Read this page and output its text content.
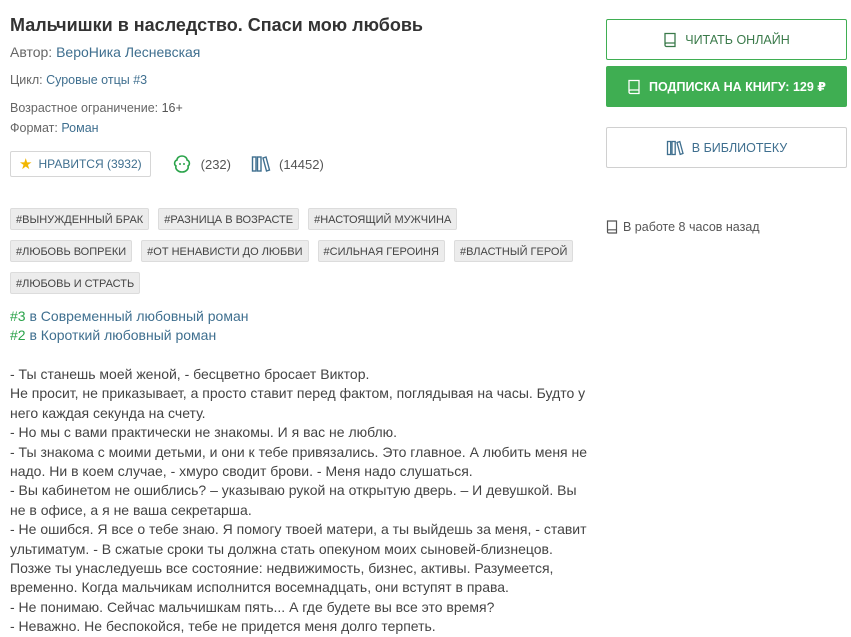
Мальчишки в наследство. Спаси мою любовь
Автор: ВероНика Лесневская
Цикл: Суровые отцы #3
Возрастное ограничение: 16+
Формат: Роман
★ НРАВИТСЯ (3932)	(232)	(14452)
#ВЫНУЖДЕННЫЙ БРАК	#РАЗНИЦА В ВОЗРАСТЕ	#НАСТОЯЩИЙ МУЖЧИНА
#ЛЮБОВЬ ВОПРЕКИ	#ОТ НЕНАВИСТИ ДО ЛЮБВИ	#СИЛЬНАЯ ГЕРОИНЯ	#ВЛАСТНЫЙ ГЕРОЙ
#ЛЮБОВЬ И СТРАСТЬ
#3 в Современный любовный роман
#2 в Короткий любовный роман

- Ты станешь моей женой, - бесцветно бросает Виктор.

Не просит, не приказывает, а просто ставит перед фактом, поглядывая на часы. Будто у него каждая секунда на счету.

- Но мы с вами практически не знакомы. И я вас не люблю.

- Ты знакома с моими детьми, и они к тебе привязались. Это главное. А любить меня не надо. Ни в коем случае, - хмуро сводит брови. - Меня надо слушаться.

- Вы кабинетом не ошиблись? – указываю рукой на открытую дверь. – И девушкой. Вы не в офисе, а я не ваша секретарша.

- Не ошибся. Я все о тебе знаю. Я помогу твоей матери, а ты выйдешь за меня, - ставит ультиматум. - В сжатые сроки ты должна стать опекуном моих сыновей-близнецов. Позже ты унаследуешь все состояние: недвижимость, бизнес, активы. Разумеется, временно. Когда мальчикам исполнится восемнадцать, они вступят в права.

- Не понимаю. Сейчас мальчишкам пять... А где будете вы все это время?

- Неважно. Не беспокойся, тебе не придется меня долго терпеть.

ЧИТАТЬ ОНЛАЙН
ПОДПИСКА НА КНИГУ: 129 ₽
В БИБЛИОТЕКУ
В работе 8 часов назад
